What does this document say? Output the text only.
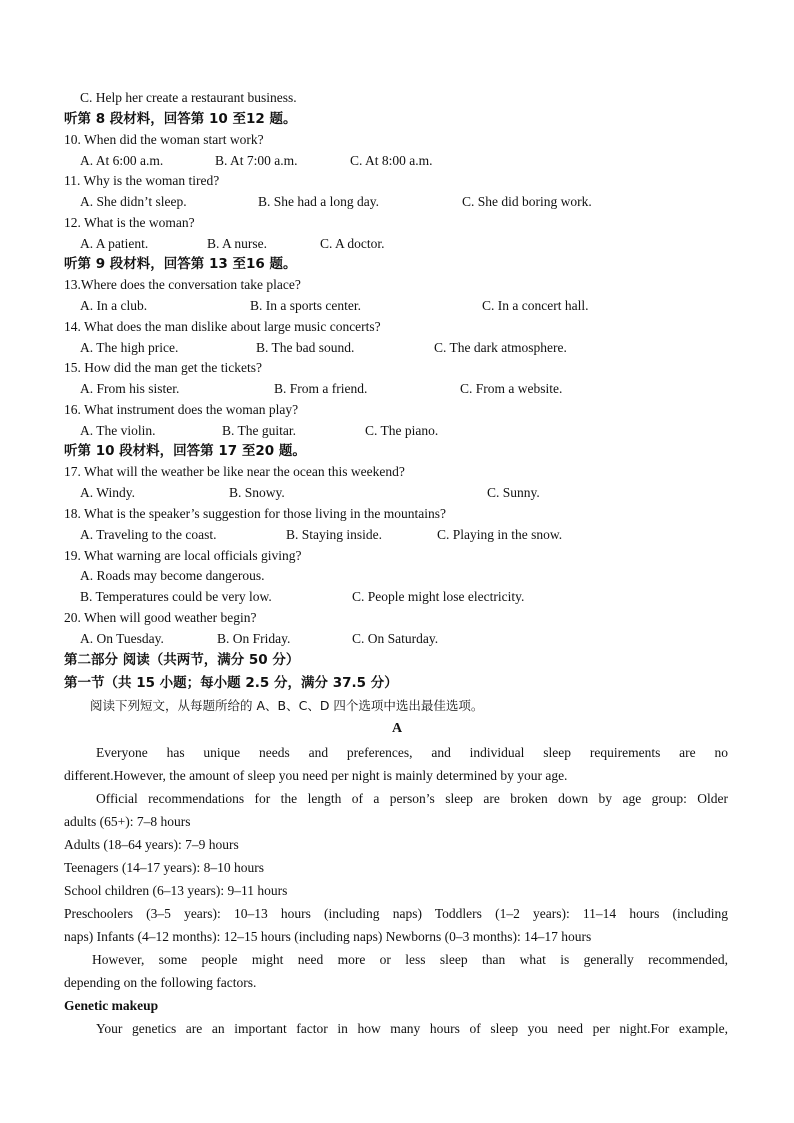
C. Help her create a restaurant business.
听第 8 段材料，回答第 10 至12 题。
10. When did the woman start work?
A. At 6:00 a.m.	B. At 7:00 a.m.	C. At 8:00 a.m.
11. Why is the woman tired?
A. She didn’t sleep.	B. She had a long day.	C. She did boring work.
12. What is the woman?
A. A patient.	B. A nurse.	C. A doctor.
听第 9 段材料，回答第 13 至16 题。
13.Where does the conversation take place?
A. In a club.	B. In a sports center.	C. In a concert hall.
14. What does the man dislike about large music concerts?
A. The high price.	B. The bad sound.	C. The dark atmosphere.
15. How did the man get the tickets?
A. From his sister.	B. From a friend.	C. From a website.
16. What instrument does the woman play?
A. The violin.	B. The guitar.	C. The piano.
听第 10 段材料，回答第 17 至20 题。
17. What will the weather be like near the ocean this weekend?
A. Windy.	B. Snowy.	C. Sunny.
18. What is the speaker’s suggestion for those living in the mountains?
A. Traveling to the coast.	B. Staying inside.	C. Playing in the snow.
19. What warning are local officials giving?
A. Roads may become dangerous.
B. Temperatures could be very low.	C. People might lose electricity.
20. When will good weather begin?
A. On Tuesday.	B. On Friday.	C. On Saturday.
第二部分 阅读（共两节，满分 50 分）
第一节（共 15 小题；每小题 2.5 分，满分 37.5 分）
阅读下列短文，从每题所给的 A、B、C、D 四个选项中选出最佳选项。
A
Everyone has unique needs and preferences, and individual sleep requirements are no
different.However, the amount of sleep you need per night is mainly determined by your age.
Official recommendations for the length of a person’s sleep are broken down by age group: Older
adults (65+): 7–8 hours
Adults (18–64 years): 7–9 hours
Teenagers (14–17 years): 8–10 hours
School children (6–13 years): 9–11 hours
Preschoolers (3–5 years): 10–13 hours (including naps) Toddlers (1–2 years): 11–14 hours (including
naps) Infants (4–12 months): 12–15 hours (including naps) Newborns (0–3 months): 14–17 hours
However, some people might need more or less sleep than what is generally recommended,
depending on the following factors.
Genetic makeup
Your genetics are an important factor in how many hours of sleep you need per night.For example,
